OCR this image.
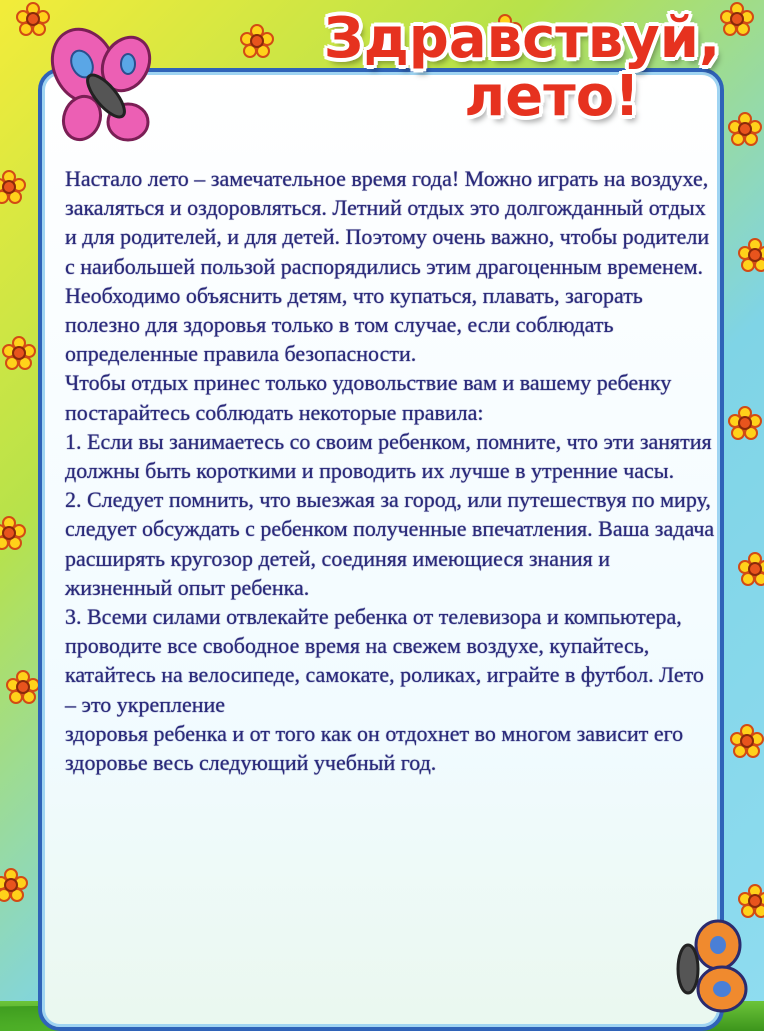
Здравствуй,
лето!

Настало лето – замечательное время года! Можно играть на воздухе, закаляться и оздоровляться. Летний отдых это долгожданный отдых и для родителей, и для детей. Поэтому очень важно, чтобы родители с наибольшей пользой распорядились этим драгоценным временем.

Необходимо объяснить детям, что купаться, плавать, загорать полезно для здоровья только в том случае, если соблюдать определенные правила безопасности.

Чтобы отдых принес только удовольствие вам и вашему ребенку постарайтесь соблюдать некоторые правила:

1. Если вы занимаетесь со своим ребенком, помните, что эти занятия должны быть короткими и проводить их лучше в утренние часы.

2. Следует помнить, что выезжая за город, или путешествуя по миру, следует обсуждать с ребенком полученные впечатления. Ваша задача расширять кругозор детей, соединяя имеющиеся знания и жизненный опыт ребенка.

3. Всеми силами отвлекайте ребенка от телевизора и компьютера, проводите все свободное время на свежем воздухе, купайтесь, катайтесь на велосипеде, самокате, роликах, играйте в футбол. Лето – это укрепление

здоровья ребенка и от того как он отдохнет во многом зависит его здоровье весь следующий учебный год.
